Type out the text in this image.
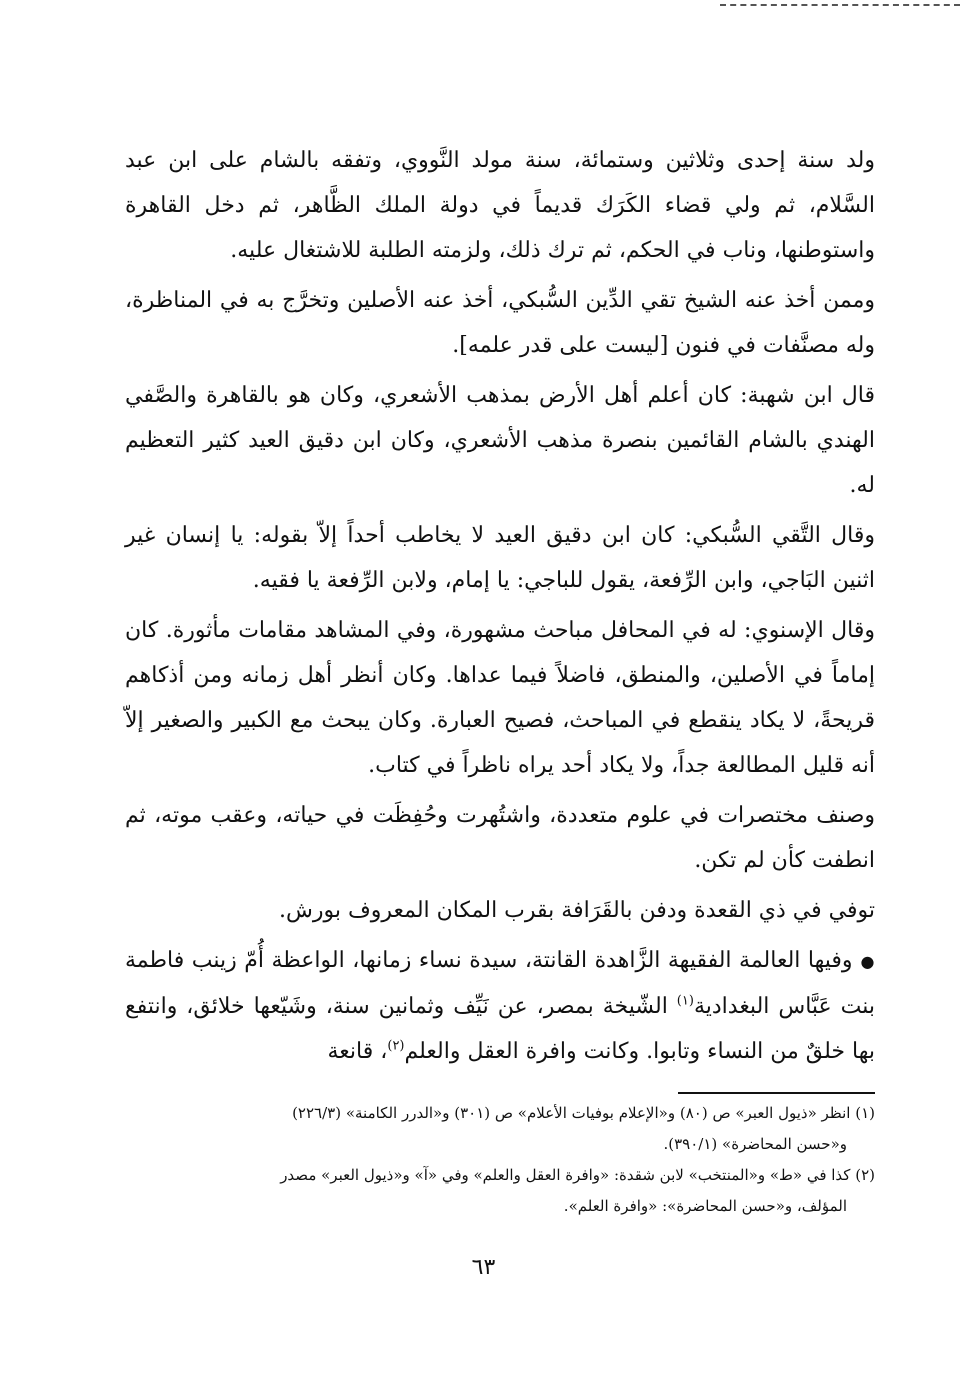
ولد سنة إحدى وثلاثين وستمائة، سنة مولد النَّووي، وتفقه بالشام على ابن عبد السَّلام، ثم ولي قضاء الكَرَك قديماً في دولة الملك الظَّاهر، ثم دخل القاهرة واستوطنها، وناب في الحكم، ثم ترك ذلك، ولزمته الطلبة للاشتغال عليه.

وممن أخذ عنه الشيخ تقي الدِّين السُّبكي، أخذ عنه الأصلين وتخرَّج به في المناظرة، وله مصنَّفات في فنون [ليست على قدر علمه].

قال ابن شهبة: كان أعلم أهل الأرض بمذهب الأشعري، وكان هو بالقاهرة والصَّفي الهندي بالشام القائمين بنصرة مذهب الأشعري، وكان ابن دقيق العيد كثير التعظيم له.

وقال التَّقي السُّبكي: كان ابن دقيق العيد لا يخاطب أحداً إلاّ بقوله: يا إنسان غير اثنين البَاجي، وابن الرِّفعة، يقول للباجي: يا إمام، ولابن الرِّفعة يا فقيه.

وقال الإسنوي: له في المحافل مباحث مشهورة، وفي المشاهد مقامات مأثورة. كان إماماً في الأصلين، والمنطق، فاضلاً فيما عداها. وكان أنظر أهل زمانه ومن أذكاهم قريحةً، لا يكاد ينقطع في المباحث، فصيح العبارة. وكان يبحث مع الكبير والصغير إلاّ أنه قليل المطالعة جداً، ولا يكاد أحد يراه ناظراً في كتاب.

وصنف مختصرات في علوم متعددة، واشتُهرت وحُفِظَت في حياته، وعقب موته، ثم انطفت كأن لم تكن.

توفي في ذي القعدة ودفن بالقَرَافة بقرب المكان المعروف بورش.

●وفيها العالمة الفقيهة الزَّاهدة القانتة، سيدة نساء زمانها، الواعظة أُمّ زينب فاطمة بنت عَبَّاس البغدادية$^{(١)}$ الشّيخة بمصر، عن نَيِّف وثمانين سنة، وشَيّعها خلائق، وانتفع بها خلقٌ من النساء وتابوا. وكانت وافرة العقل والعلم$^{(٢)}$، قانعة

(١) انظر «ذيول العبر» ص (٨٠) و«الإعلام بوفيات الأعلام» ص (٣٠١) و«الدرر الكامنة» (٢٢٦/٣)

و«حسن المحاضرة» (٣٩٠/١).

(٢) كذا في «ط» و«المنتخب» لابن شقدة: «وافرة العقل والعلم» وفي «آ» و«ذيول العبر» مصدر

المؤلف، و«حسن المحاضرة»: «وافرة العلم».

٦٣
